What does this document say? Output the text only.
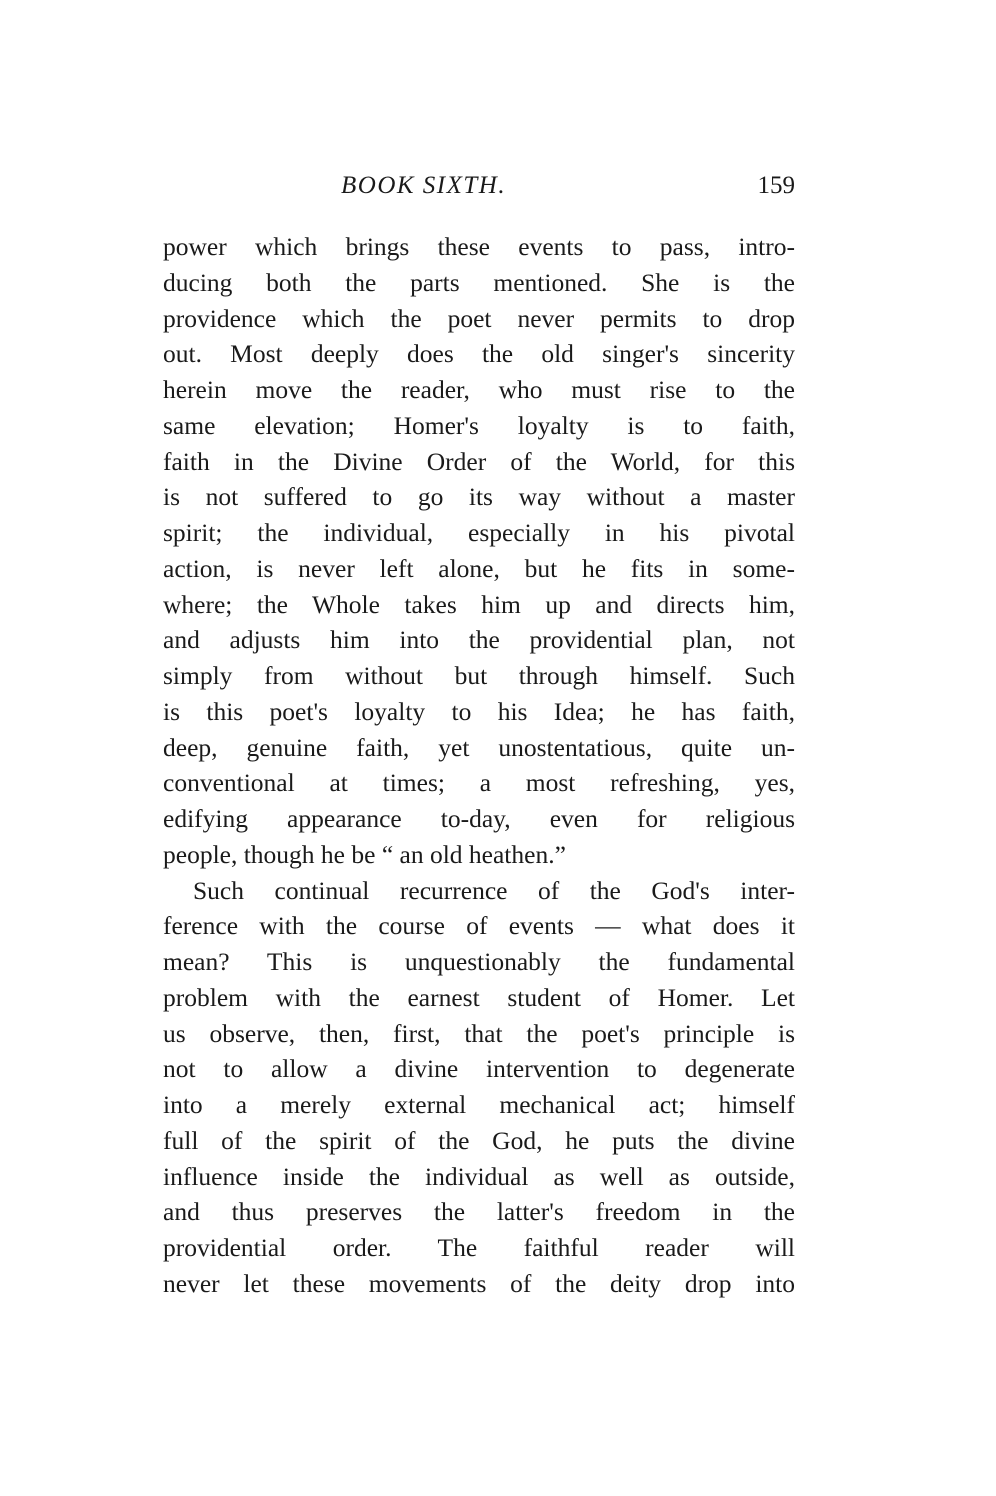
BOOK SIXTH.	159
power which brings these events to pass, intro-
ducing both the parts mentioned. She is the
providence which the poet never permits to drop
out. Most deeply does the old singer's sincerity
herein move the reader, who must rise to the
same elevation; Homer's loyalty is to faith,
faith in the Divine Order of the World, for this
is not suffered to go its way without a master
spirit; the individual, especially in his pivotal
action, is never left alone, but he fits in some-
where; the Whole takes him up and directs him,
and adjusts him into the providential plan, not
simply from without but through himself. Such
is this poet's loyalty to his Idea; he has faith,
deep, genuine faith, yet unostentatious, quite un-
conventional at times; a most refreshing, yes,
edifying appearance to-day, even for religious
people, though he be “ an old heathen.”
Such continual recurrence of the God's inter-
ference with the course of events — what does it
mean? This is unquestionably the fundamental
problem with the earnest student of Homer. Let
us observe, then, first, that the poet's principle is
not to allow a divine intervention to degenerate
into a merely external mechanical act; himself
full of the spirit of the God, he puts the divine
influence inside the individual as well as outside,
and thus preserves the latter's freedom in the
providential order. The faithful reader will
never let these movements of the deity drop into
